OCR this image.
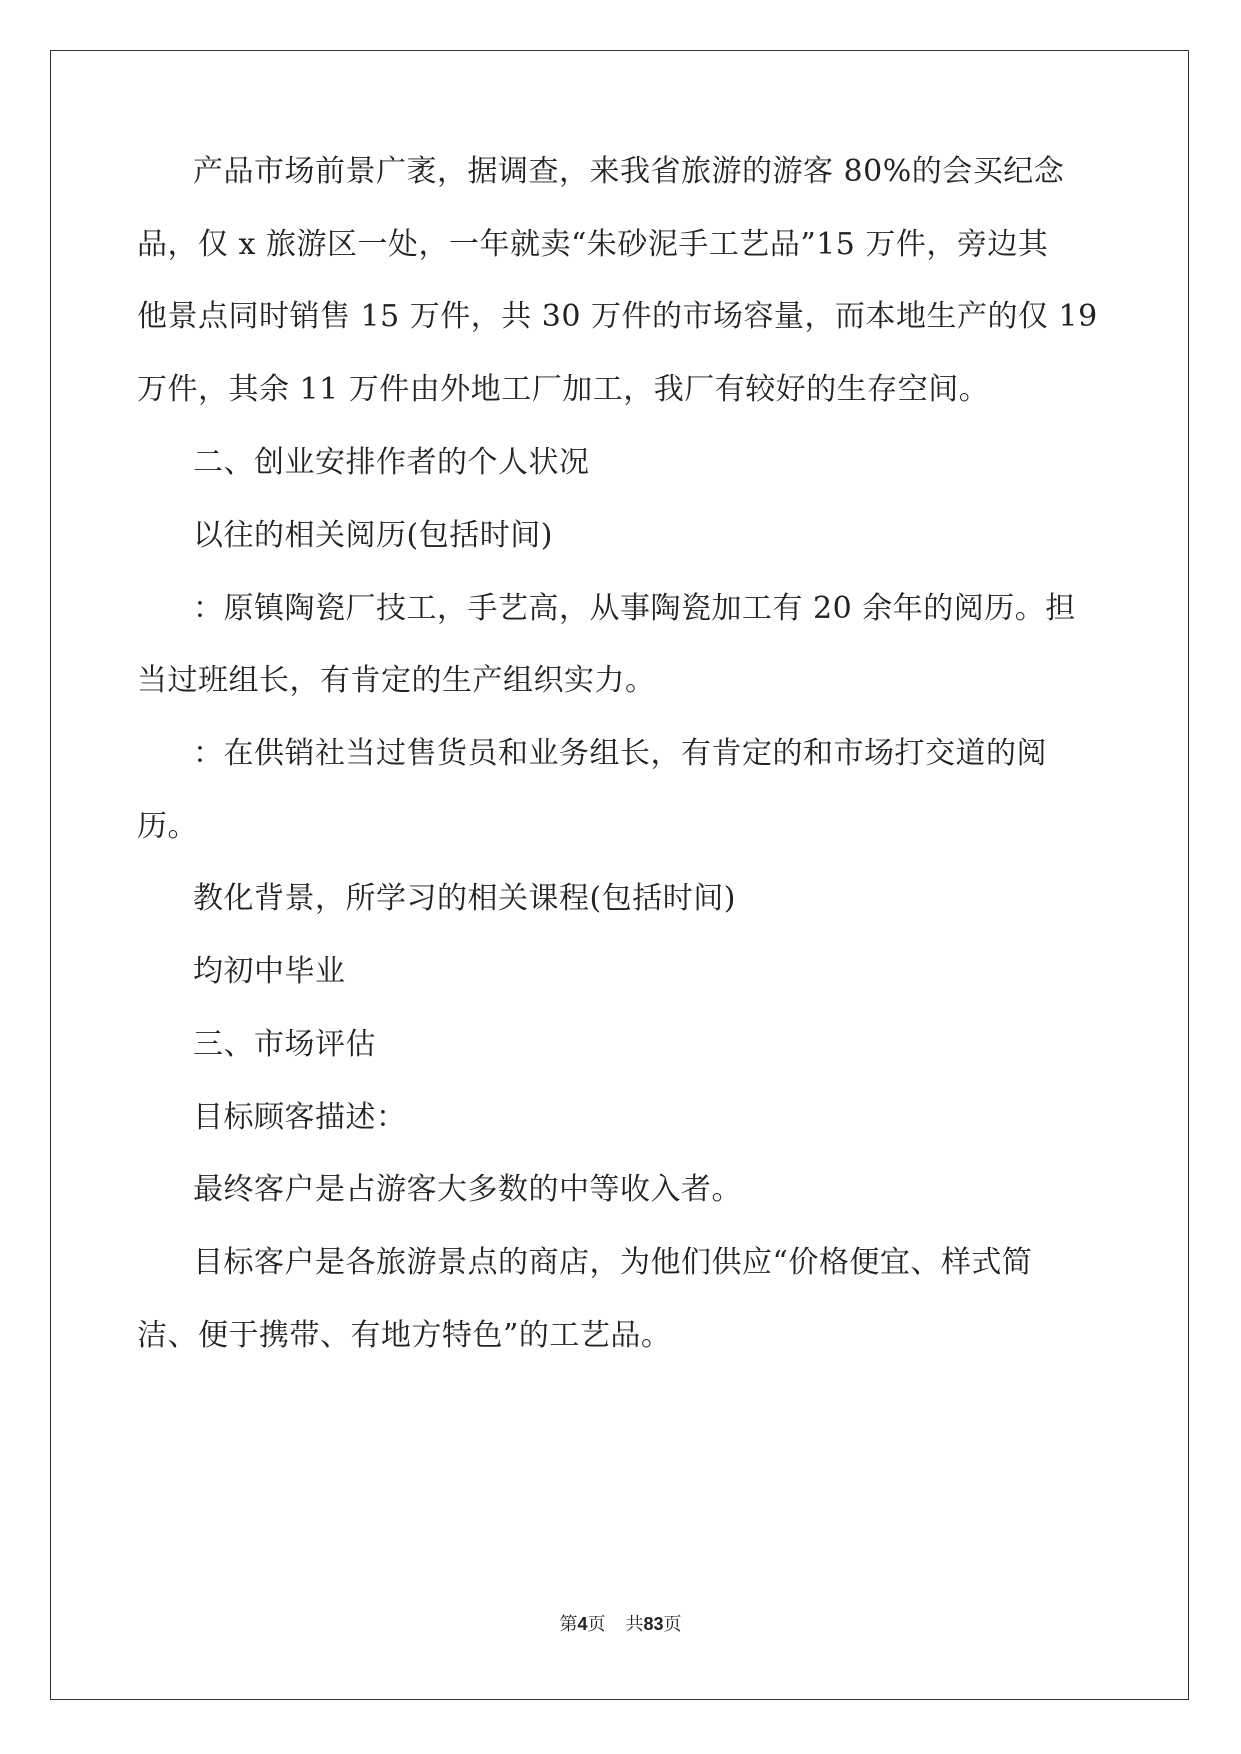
产品市场前景广袤，据调查，来我省旅游的游客 80%的会买纪念
品，仅 x 旅游区一处，一年就卖“朱砂泥手工艺品”15 万件，旁边其
他景点同时销售 15 万件，共 30 万件的市场容量，而本地生产的仅 19
万件，其余 11 万件由外地工厂加工，我厂有较好的生存空间。
二、创业安排作者的个人状况
以往的相关阅历(包括时间)
：原镇陶瓷厂技工，手艺高，从事陶瓷加工有 20 余年的阅历。担
当过班组长，有肯定的生产组织实力。
：在供销社当过售货员和业务组长，有肯定的和市场打交道的阅
历。
教化背景，所学习的相关课程(包括时间)
均初中毕业
三、市场评估
目标顾客描述：
最终客户是占游客大多数的中等收入者。
目标客户是各旅游景点的商店，为他们供应“价格便宜、样式简
洁、便于携带、有地方特色”的工艺品。
第4页 共83页
